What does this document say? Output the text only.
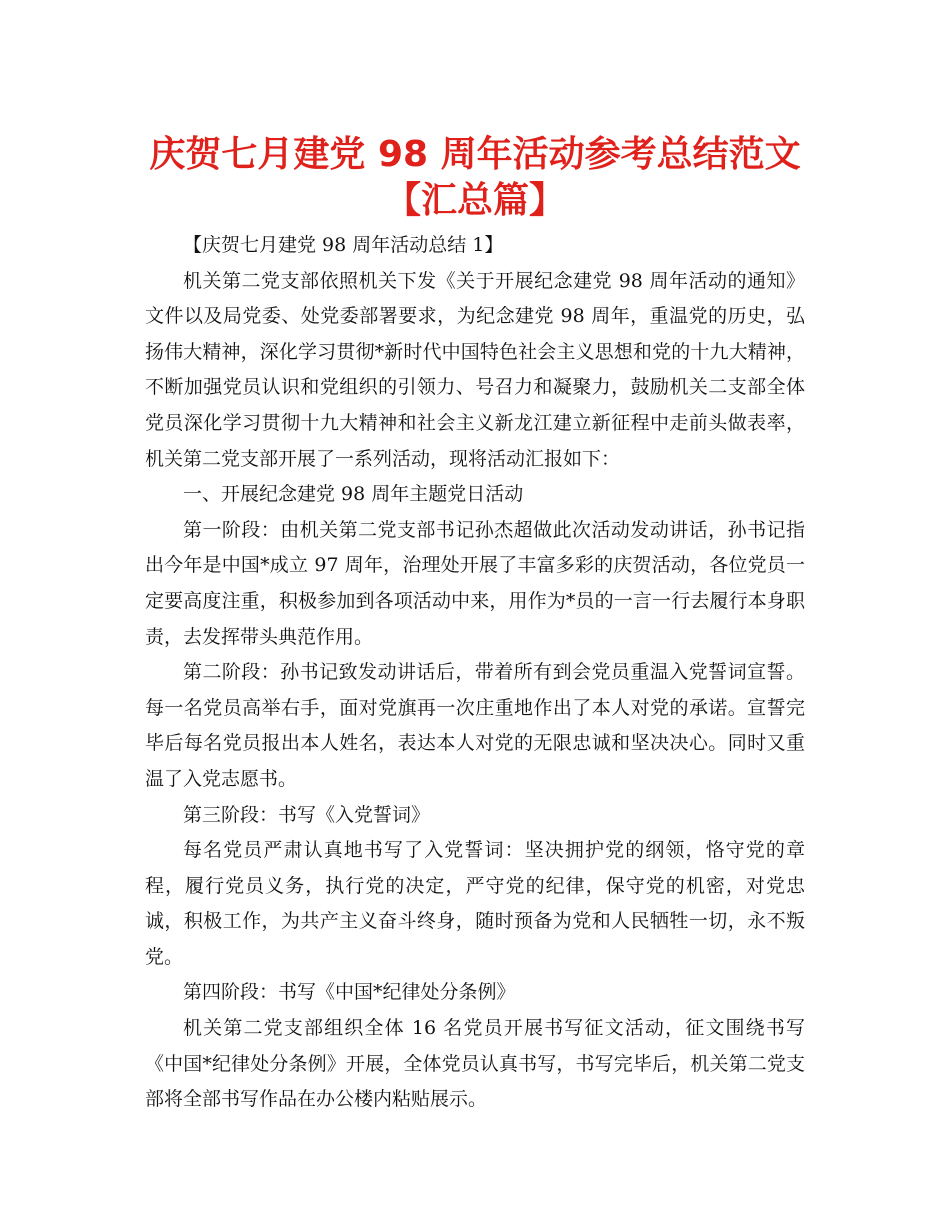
庆贺七月建党 98 周年活动参考总结范文【汇总篇】

【庆贺七月建党 98 周年活动总结 1】

机关第二党支部依照机关下发《关于开展纪念建党 98 周年活动的通知》文件以及局党委、处党委部署要求，为纪念建党 98 周年，重温党的历史，弘扬伟大精神，深化学习贯彻*新时代中国特色社会主义思想和党的十九大精神，不断加强党员认识和党组织的引领力、号召力和凝聚力，鼓励机关二支部全体党员深化学习贯彻十九大精神和社会主义新龙江建立新征程中走前头做表率，机关第二党支部开展了一系列活动，现将活动汇报如下：

一、开展纪念建党 98 周年主题党日活动

第一阶段：由机关第二党支部书记孙杰超做此次活动发动讲话，孙书记指出今年是中国*成立 97 周年，治理处开展了丰富多彩的庆贺活动，各位党员一定要高度注重，积极参加到各项活动中来，用作为*员的一言一行去履行本身职责，去发挥带头典范作用。

第二阶段：孙书记致发动讲话后，带着所有到会党员重温入党誓词宣誓。每一名党员高举右手，面对党旗再一次庄重地作出了本人对党的承诺。宣誓完毕后每名党员报出本人姓名，表达本人对党的无限忠诚和坚决决心。同时又重温了入党志愿书。

第三阶段：书写《入党誓词》

每名党员严肃认真地书写了入党誓词：坚决拥护党的纲领，恪守党的章程，履行党员义务，执行党的决定，严守党的纪律，保守党的机密，对党忠诚，积极工作，为共产主义奋斗终身，随时预备为党和人民牺牲一切，永不叛党。

第四阶段：书写《中国*纪律处分条例》

机关第二党支部组织全体 16 名党员开展书写征文活动，征文围绕书写《中国*纪律处分条例》开展，全体党员认真书写，书写完毕后，机关第二党支部将全部书写作品在办公楼内粘贴展示。
